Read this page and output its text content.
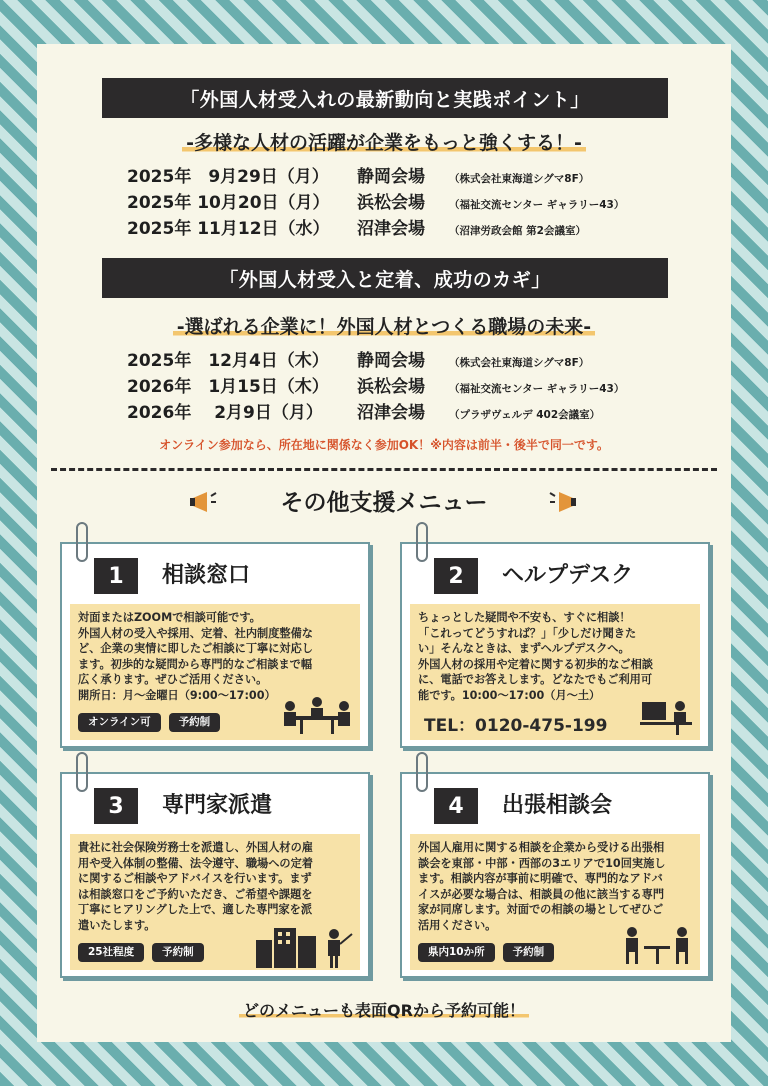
「外国人材受入れの最新動向と実践ポイント」
-多様な人材の活躍が企業をもっと強くする！-
2025年　9月29日（月）	静岡会場	（株式会社東海道シグマ8F）
2025年 10月20日（月）	浜松会場	（福祉交流センター ギャラリー43）
2025年 11月12日（水）	沼津会場	（沼津労政会館 第2会議室）
「外国人材受入と定着、成功のカギ」
-選ばれる企業に！外国人材とつくる職場の未来-
2025年　12月4日（木）	静岡会場	（株式会社東海道シグマ8F）
2026年　1月15日（木）	浜松会場	（福祉交流センター ギャラリー43）
2026年　 2月9日（月）	沼津会場	（プラザヴェルデ 402会議室）
オンライン参加なら、所在地に関係なく参加OK！※内容は前半・後半で同一です。
その他支援メニュー
1	相談窓口
対面またはZOOMで相談可能です。
外国人材の受入や採用、定着、社内制度整備な
ど、企業の実情に即したご相談に丁寧に対応し
ます。初歩的な疑問から専門的なご相談まで幅
広く承ります。ぜひご活用ください。
開所日：月～金曜日（9:00～17:00）
オンライン可	予約制
2	ヘルプデスク
ちょっとした疑問や不安も、すぐに相談！
「これってどうすれば？」「少しだけ聞きた
い」そんなときは、まずヘルプデスクへ。
外国人材の採用や定着に関する初歩的なご相談
に、電話でお答えします。どなたでもご利用可
能です。10:00～17:00（月～土）
TEL：0120-475-199
3	専門家派遣
貴社に社会保険労務士を派遣し、外国人材の雇
用や受入体制の整備、法令遵守、職場への定着
に関するご相談やアドバイスを行います。まず
は相談窓口をご予約いただき、ご希望や課題を
丁寧にヒアリングした上で、適した専門家を派
遣いたします。
25社程度	予約制
4	出張相談会
外国人雇用に関する相談を企業から受ける出張相
談会を東部・中部・西部の3エリアで10回実施し
ます。相談内容が事前に明確で、専門的なアドバ
イスが必要な場合は、相談員の他に該当する専門
家が同席します。対面での相談の場としてぜひご
活用ください。
県内10か所	予約制
どのメニューも表面QRから予約可能！
